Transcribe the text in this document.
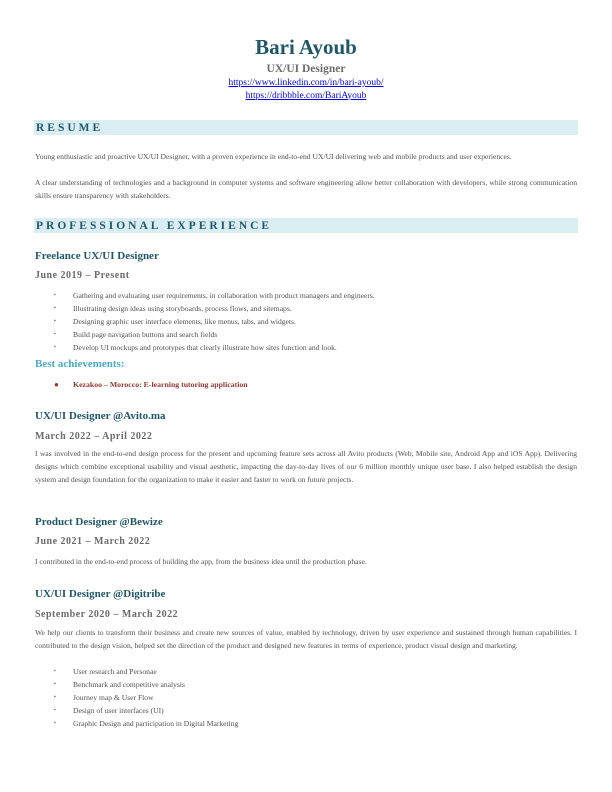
Bari Ayoub
UX/UI Designer
https://www.linkedin.com/in/bari-ayoub/
https://dribbble.com/BariAyoub
RESUME
Young enthusiastic and proactive UX/UI Designer, with a proven experience in end-to-end UX/UI delivering web and mobile products and user experiences.
A clear understanding of technologies and a background in computer systems and software engineering allow better collaboration with developers, while strong communication skills ensure transparency with stakeholders.
PROFESSIONAL EXPERIENCE
Freelance UX/UI Designer
June 2019 – Present
▪ Gathering and evaluating user requirements, in collaboration with product managers and engineers.
▪ Illustrating design ideas using storyboards, process flows, and sitemaps.
▪ Designing graphic user interface elements, like menus, tabs, and widgets.
▪ Build page navigation buttons and search fields
▪ Develop UI mockups and prototypes that clearly illustrate how sites function and look.
Best achievements:
● Kezakoo – Morocco: E-learning tutoring application
UX/UI Designer @Avito.ma
March 2022 – April 2022
I was involved in the end-to-end design process for the present and upcoming feature sets across all Avito products (Web, Mobile site, Android App and iOS App). Delivering designs which combine exceptional usability and visual aesthetic, impacting the day-to-day lives of our 6 million monthly unique user base. I also helped establish the design system and design foundation for the organization to make it easier and faster to work on future projects.
Product Designer @Bewize
June 2021 – March 2022
I contributed in the end-to-end process of building the app, from the business idea until the production phase.
UX/UI Designer @Digitribe
September 2020 – March 2022
We help our clients to transform their business and create new sources of value, enabled by technology, driven by user experience and sustained through human capabilities. I contributed to the design vision, helped set the direction of the product and designed new features in terms of experience, product visual design and marketing.
▪ User research and Personae
▪ Benchmark and competitive analysis
▪ Journey map & User Flow
▪ Design of user interfaces (UI)
▪ Graphic Design and participation in Digital Marketing
